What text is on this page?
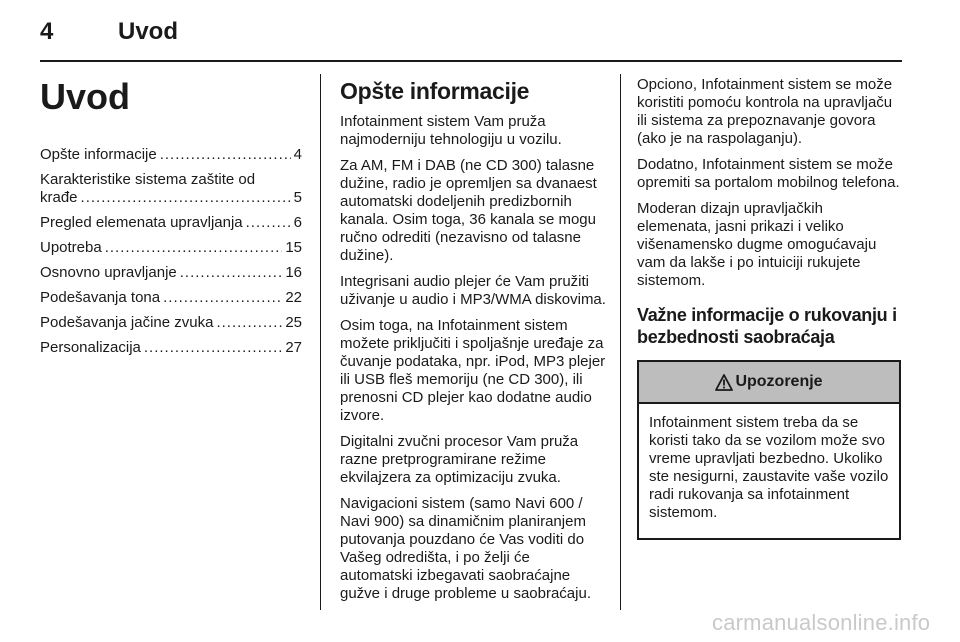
4	Uvod
Uvod
Opšte informacije .....	4
Karakteristike sistema zaštite od
krađe .....	5
Pregled elemenata upravljanja .....	6
Upotreba .....	15
Osnovno upravljanje .....	16
Podešavanja tona .....	22
Podešavanja jačine zvuka .....	25
Personalizacija .....	27
Opšte informacije

Infotainment sistem Vam pruža najmoderniju tehnologiju u vozilu.

Za AM, FM i DAB (ne CD 300) talasne dužine, radio je opremljen sa dvanaest automatski dodeljenih predizbornih kanala. Osim toga, 36 kanala se mogu ručno odrediti (nezavisno od talasne dužine).

Integrisani audio plejer će Vam pružiti uživanje u audio i MP3/WMA diskovima.

Osim toga, na Infotainment sistem možete priključiti i spoljašnje uređaje za čuvanje podataka, npr. iPod, MP3 plejer ili USB fleš memoriju (ne CD 300), ili prenosni CD plejer kao dodatne audio izvore.

Digitalni zvučni procesor Vam pruža razne pretprogramirane režime ekvilajzera za optimizaciju zvuka.

Navigacioni sistem (samo Navi 600 / Navi 900) sa dinamičnim planiranjem putovanja pouzdano će Vas voditi do Vašeg odredišta, i po želji će automatski izbegavati saobraćajne gužve i druge probleme u saobraćaju.

Opciono, Infotainment sistem se može koristiti pomoću kontrola na upravljaču ili sistema za prepoznavanje govora (ako je na raspolaganju).

Dodatno, Infotainment sistem se može opremiti sa portalom mobilnog telefona.

Moderan dizajn upravljačkih elemenata, jasni prikazi i veliko višenamensko dugme omogućavaju vam da lakše i po intuiciji rukujete sistemom.

Važne informacije o rukovanju i bezbednosti saobraćaja
Upozorenje
Infotainment sistem treba da se koristi tako da se vozilom može svo vreme upravljati bezbedno. Ukoliko ste nesigurni, zaustavite vaše vozilo radi rukovanja sa infotainment sistemom.
carmanualsonline.info
